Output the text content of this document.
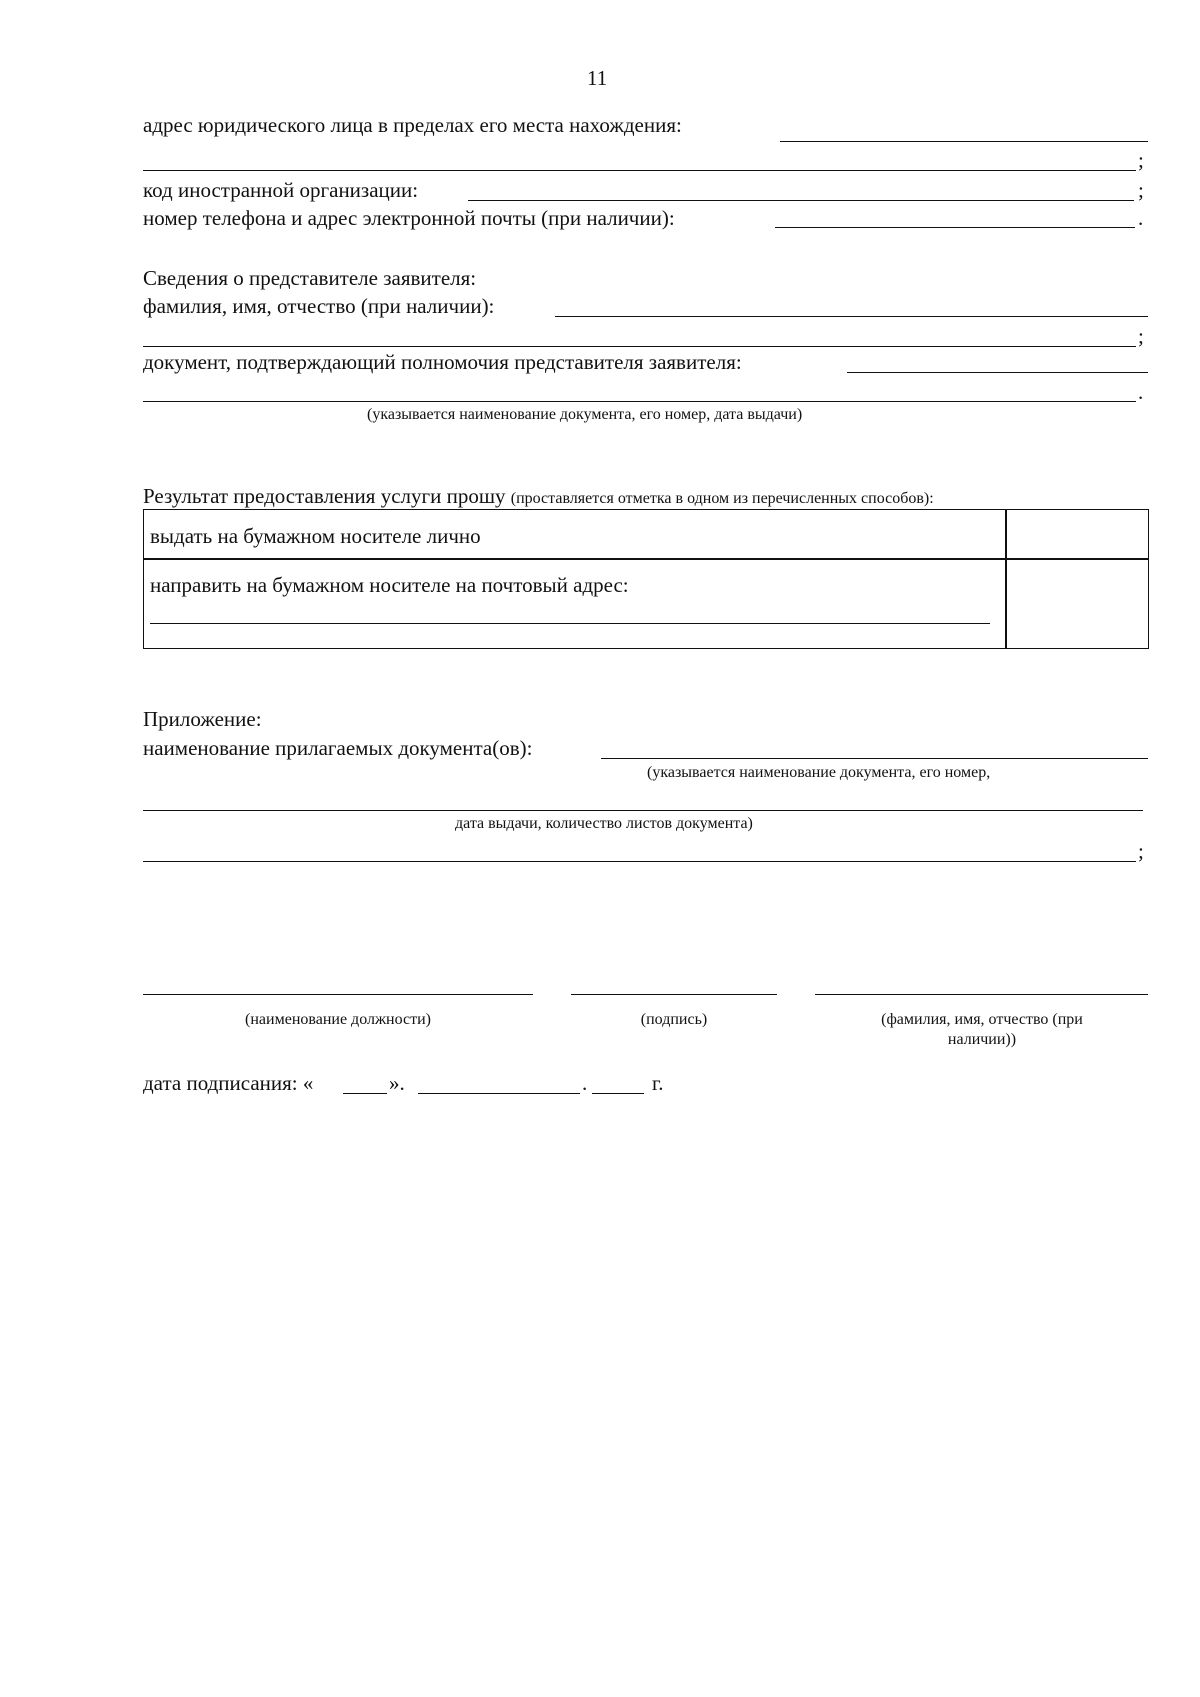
11
адрес юридического лица в пределах его места нахождения:
;
код иностранной организации:	;
номер телефона и адрес электронной почты (при наличии):	.
Сведения о представителе заявителя:
фамилия, имя, отчество (при наличии):
;
документ, подтверждающий полномочия представителя заявителя:
.
(указывается наименование документа, его номер, дата выдачи)
Результат предоставления услуги прошу (проставляется отметка в одном из перечисленных способов):
выдать на бумажном носителе лично
направить на бумажном носителе на почтовый адрес:
Приложение:
наименование прилагаемых документа(ов):
(указывается наименование документа, его номер,
дата выдачи, количество листов документа)
;
(наименование должности)	(подпись)	(фамилия, имя, отчество (при наличии))
дата подписания: «	».	.	г.
